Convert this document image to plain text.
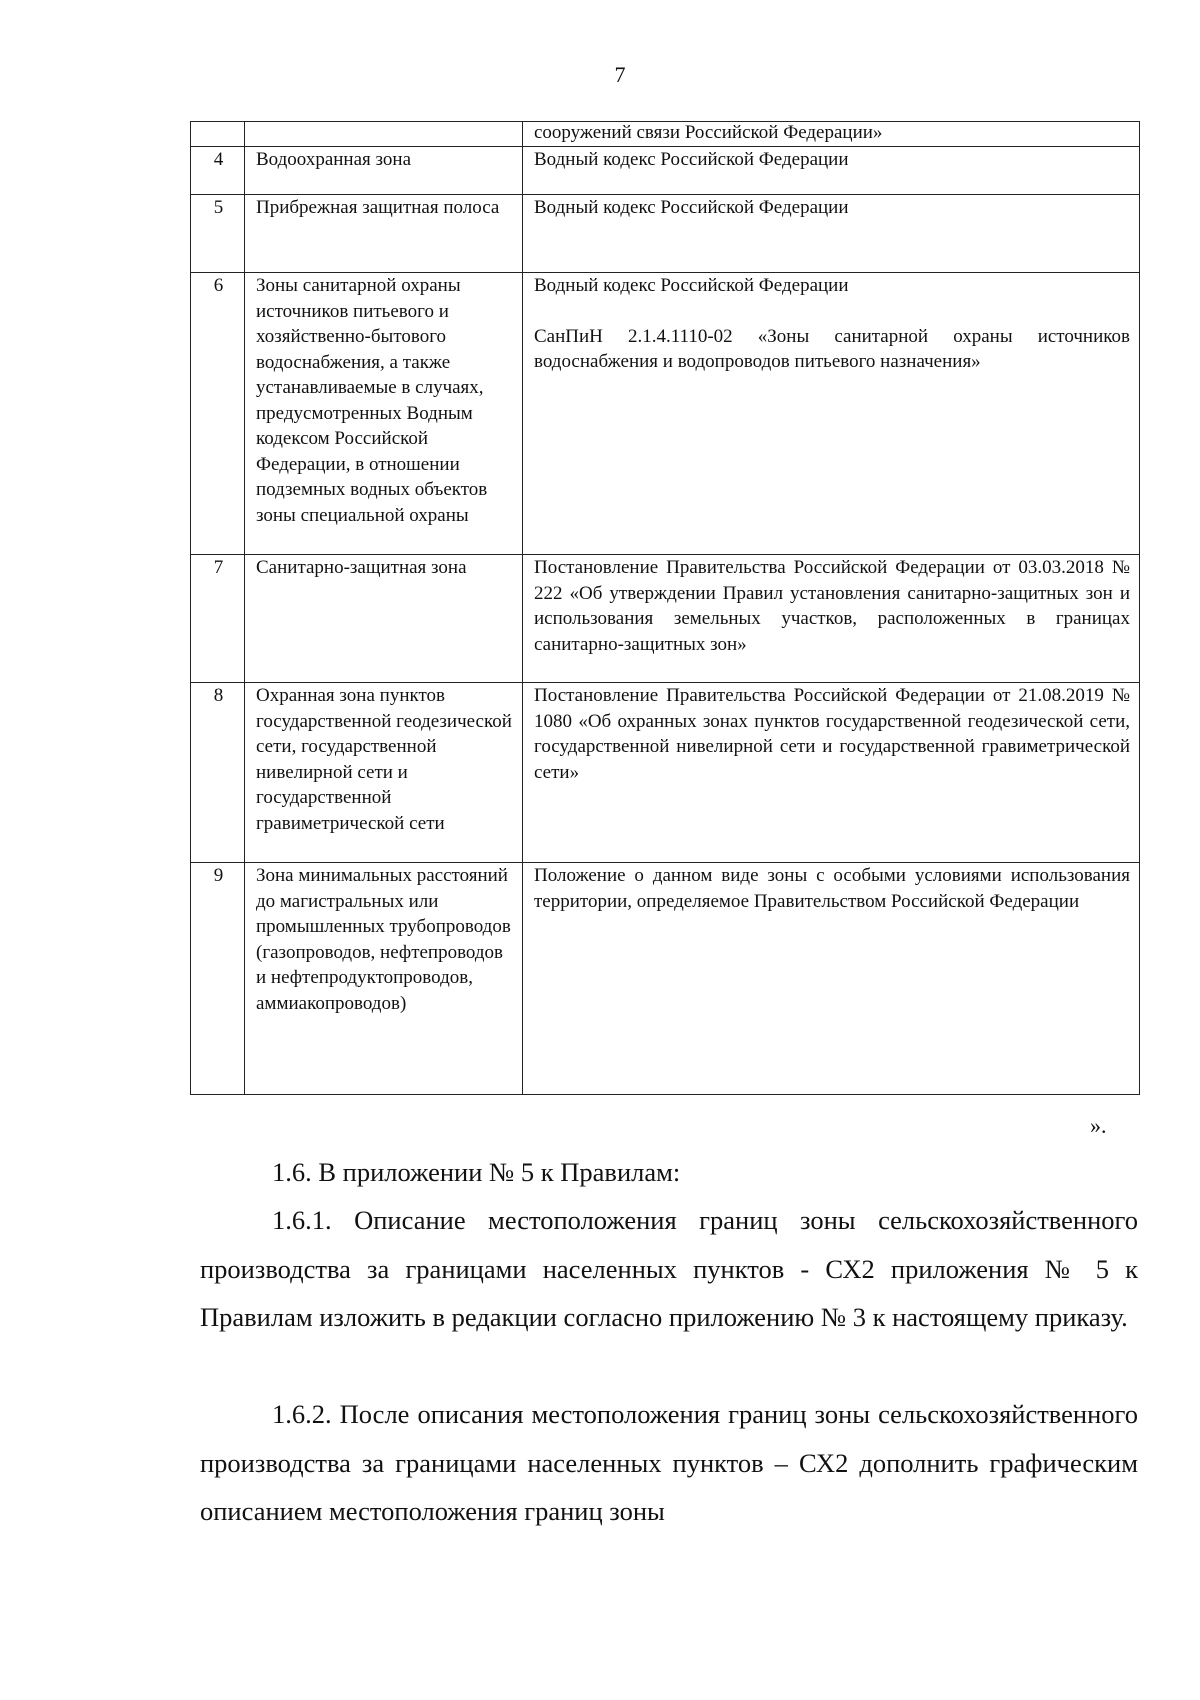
7
		сооружений связи Российской Федерации»
4	Водоохранная зона	Водный кодекс Российской Федерации

5	Прибрежная защитная полоса	Водный кодекс Российской Федерации

6	Зоны санитарной охраны источников питьевого и хозяйственно-бытового водоснабжения, а также устанавливаемые в случаях, предусмотренных Водным кодексом Российской Федерации, в отношении подземных водных объектов зоны специальной охраны	Водный кодекс Российской Федерации
СанПиН 2.1.4.1110-02 «Зоны санитарной охраны источников водоснабжения и водопроводов питьевого назначения»

7	Санитарно-защитная зона	Постановление Правительства Российской Федерации от 03.03.2018 № 222 «Об утверждении Правил установления санитарно-защитных зон и использования земельных участков, расположенных в границах санитарно-защитных зон»

8	Охранная зона пунктов государственной геодезической сети, государственной нивелирной сети и государственной гравиметрической сети	Постановление Правительства Российской Федерации от 21.08.2019 № 1080 «Об охранных зонах пунктов государственной геодезической сети, государственной нивелирной сети и государственной гравиметрической сети»

9	Зона минимальных расстояний до магистральных или промышленных трубопроводов (газопроводов, нефтепроводов и нефтепродуктопроводов, аммиакопроводов)	Положение о данном виде зоны с особыми условиями использования территории, определяемое Правительством Российской Федерации
».

1.6. В приложении № 5 к Правилам:

1.6.1. Описание местоположения границ зоны сельскохозяйственного производства за границами населенных пунктов - СХ2 приложения № 5 к Правилам изложить в редакции согласно приложению № 3 к настоящему приказу.

1.6.2. После описания местоположения границ зоны сельскохозяйственного производства за границами населенных пунктов – СХ2 дополнить графическим описанием местоположения границ зоны
